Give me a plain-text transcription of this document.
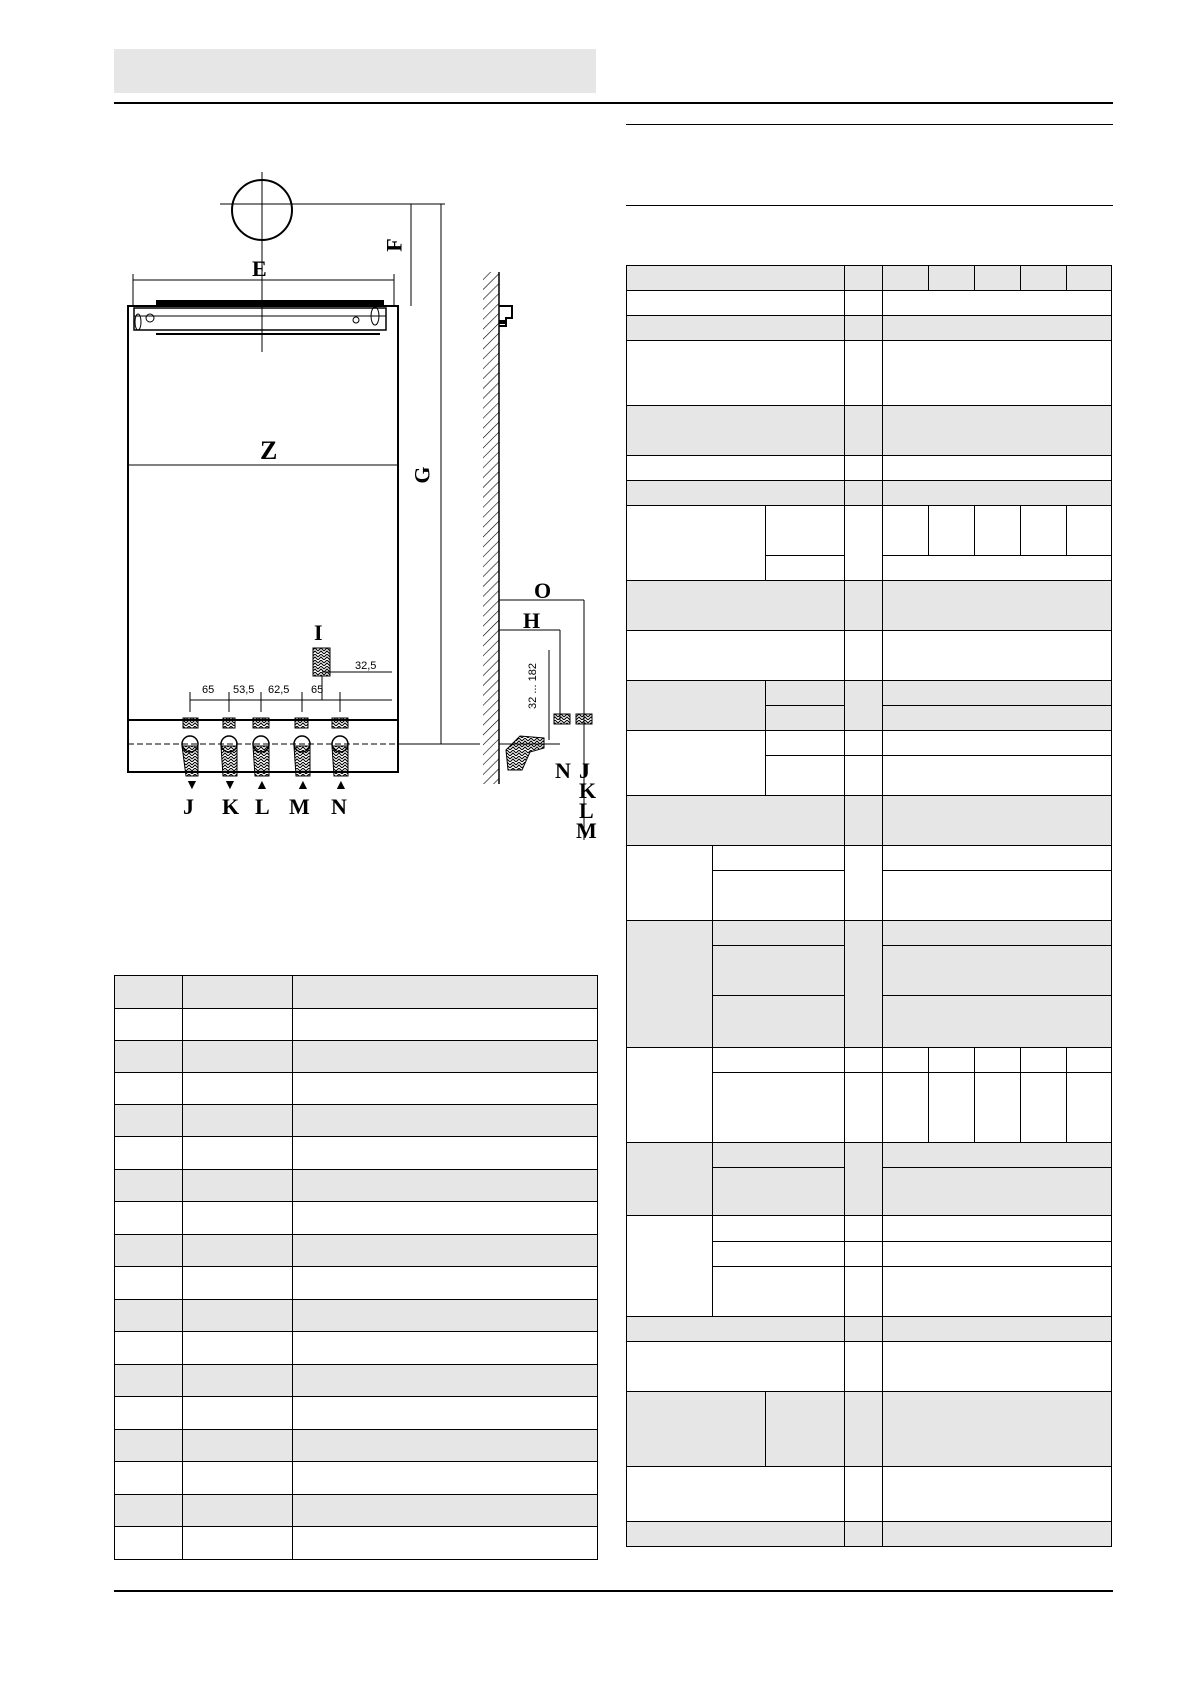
E
F
Z
G
I
O
H
65 53,5 62,5 65
32,5	32 ... 182
▼ ▼ ▲ ▲ ▲
J K L M N
N J
K
L
M
